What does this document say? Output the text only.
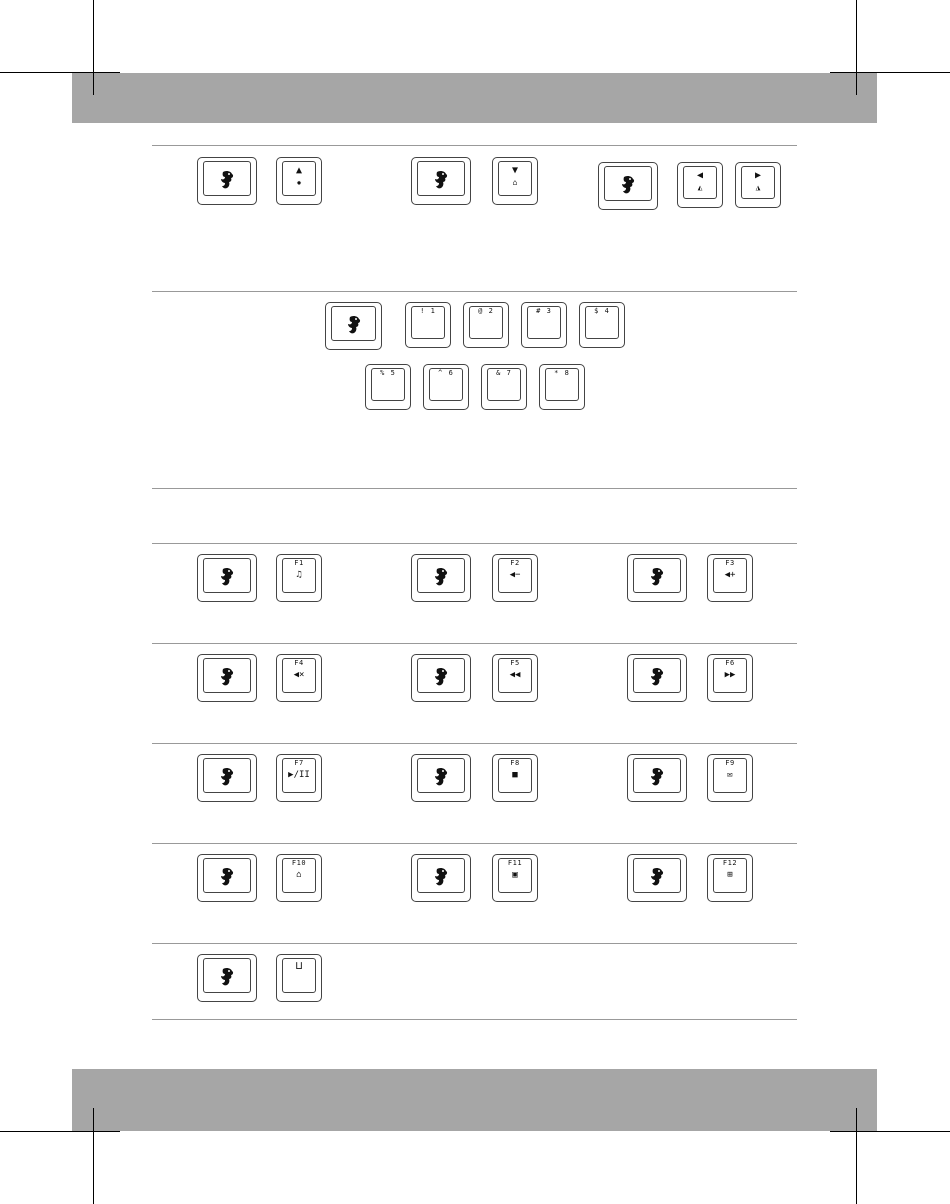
▲
✹
▼
⌂
◀
◭
▶
◮
! 1	@ 2	# 3	$ 4
% 5	^ 6	& 7	* 8
F1
♫
F2
◀−
F3
◀+
F4
◀×
F5
◀◀
F6
▶▶
F7
▶/II
F8
■
F9
✉
F10
⌂
F11
▣
F12
⊞
⊔
